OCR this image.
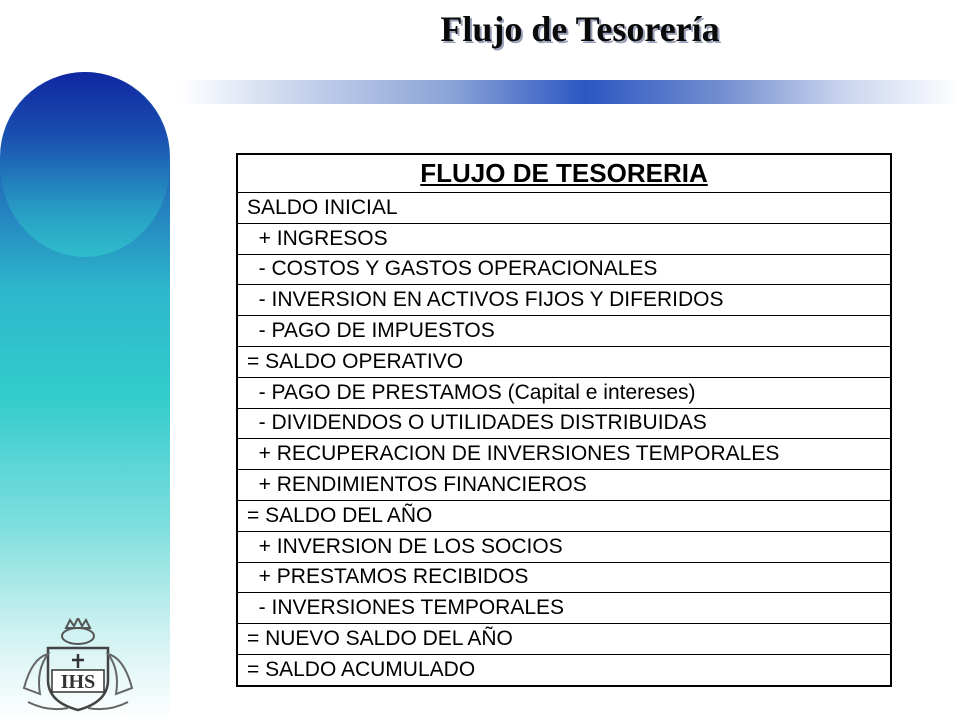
Flujo de Tesorería
IHS
FLUJO DE TESORERIA
SALDO INICIAL
+ INGRESOS
- COSTOS Y GASTOS OPERACIONALES
- INVERSION EN ACTIVOS FIJOS Y DIFERIDOS
- PAGO DE IMPUESTOS
= SALDO OPERATIVO
- PAGO DE PRESTAMOS (Capital e intereses)
- DIVIDENDOS O UTILIDADES DISTRIBUIDAS
+ RECUPERACION DE INVERSIONES TEMPORALES
+ RENDIMIENTOS FINANCIEROS
= SALDO DEL AÑO
+ INVERSION DE LOS SOCIOS
+ PRESTAMOS RECIBIDOS
- INVERSIONES TEMPORALES
= NUEVO SALDO DEL AÑO
= SALDO ACUMULADO
